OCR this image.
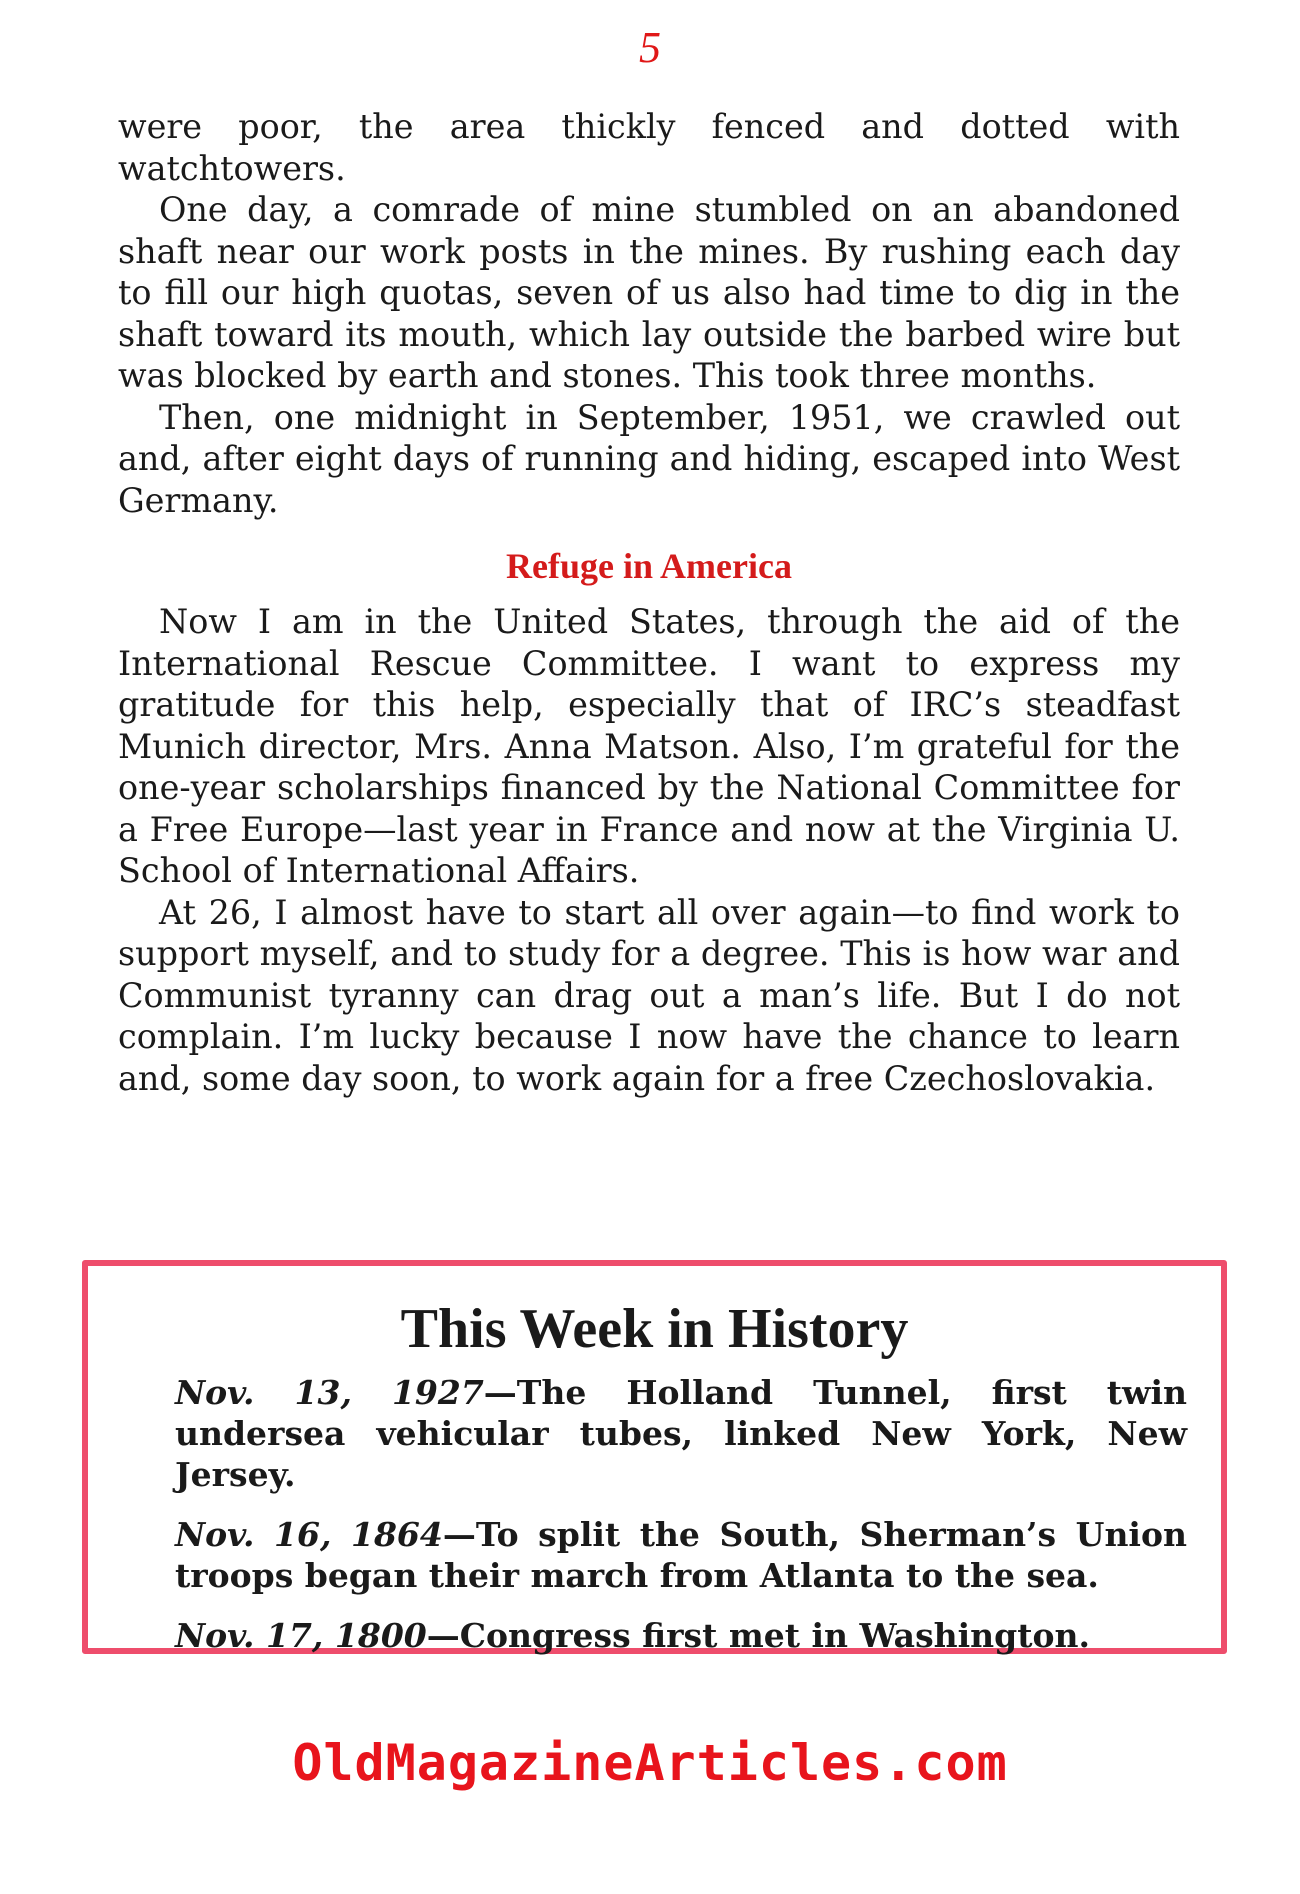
5

were poor, the area thickly fenced and dotted with watchtowers.

One day, a comrade of mine stumbled on an abandoned shaft near our work posts in the mines. By rushing each day to fill our high quotas, seven of us also had time to dig in the shaft toward its mouth, which lay outside the barbed wire but was blocked by earth and stones. This took three months.

Then, one midnight in September, 1951, we crawled out and, after eight days of running and hiding, escaped into West Germany.

Refuge in America

Now I am in the United States, through the aid of the International Rescue Committee. I want to express my gratitude for this help, especially that of IRC’s steadfast Munich director, Mrs. Anna Matson. Also, I’m grateful for the one-year scholarships financed by the National Committee for a Free Europe—last year in France and now at the Virginia U. School of International Affairs.

At 26, I almost have to start all over again—to find work to support myself, and to study for a degree. This is how war and Communist tyranny can drag out a man’s life. But I do not complain. I’m lucky because I now have the chance to learn and, some day soon, to work again for a free Czechoslovakia.

This Week in History

Nov. 13, 1927—The Holland Tunnel, first twin undersea vehicular tubes, linked New York, New Jersey.

Nov. 16, 1864—To split the South, Sherman’s Union troops began their march from Atlanta to the sea.

Nov. 17, 1800—Congress first met in Washington.

OldMagazineArticles.com
